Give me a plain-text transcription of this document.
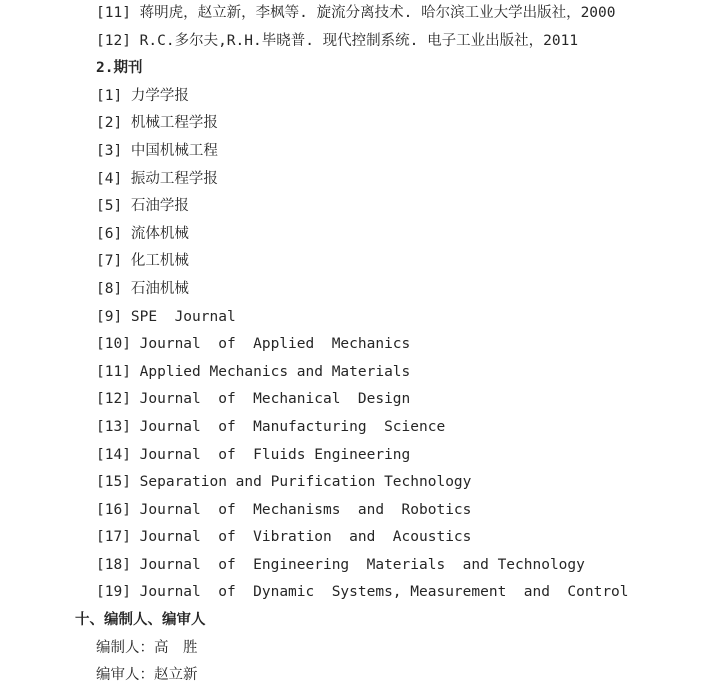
[11] 蒋明虎，赵立新，李枫等. 旋流分离技术. 哈尔滨工业大学出版社，2000
[12] R.C.多尔夫,R.H.毕晓普. 现代控制系统. 电子工业出版社，2011
2.期刊
[1] 力学学报
[2] 机械工程学报
[3] 中国机械工程
[4] 振动工程学报
[5] 石油学报
[6] 流体机械
[7] 化工机械
[8] 石油机械
[9] SPE  Journal
[10] Journal  of  Applied  Mechanics
[11] Applied Mechanics and Materials
[12] Journal  of  Mechanical  Design
[13] Journal  of  Manufacturing  Science
[14] Journal  of  Fluids Engineering
[15] Separation and Purification Technology
[16] Journal  of  Mechanisms  and  Robotics
[17] Journal  of  Vibration  and  Acoustics
[18] Journal  of  Engineering  Materials  and Technology
[19] Journal  of  Dynamic  Systems, Measurement  and  Control
十、编制人、编审人
编制人：高　胜
编审人：赵立新
